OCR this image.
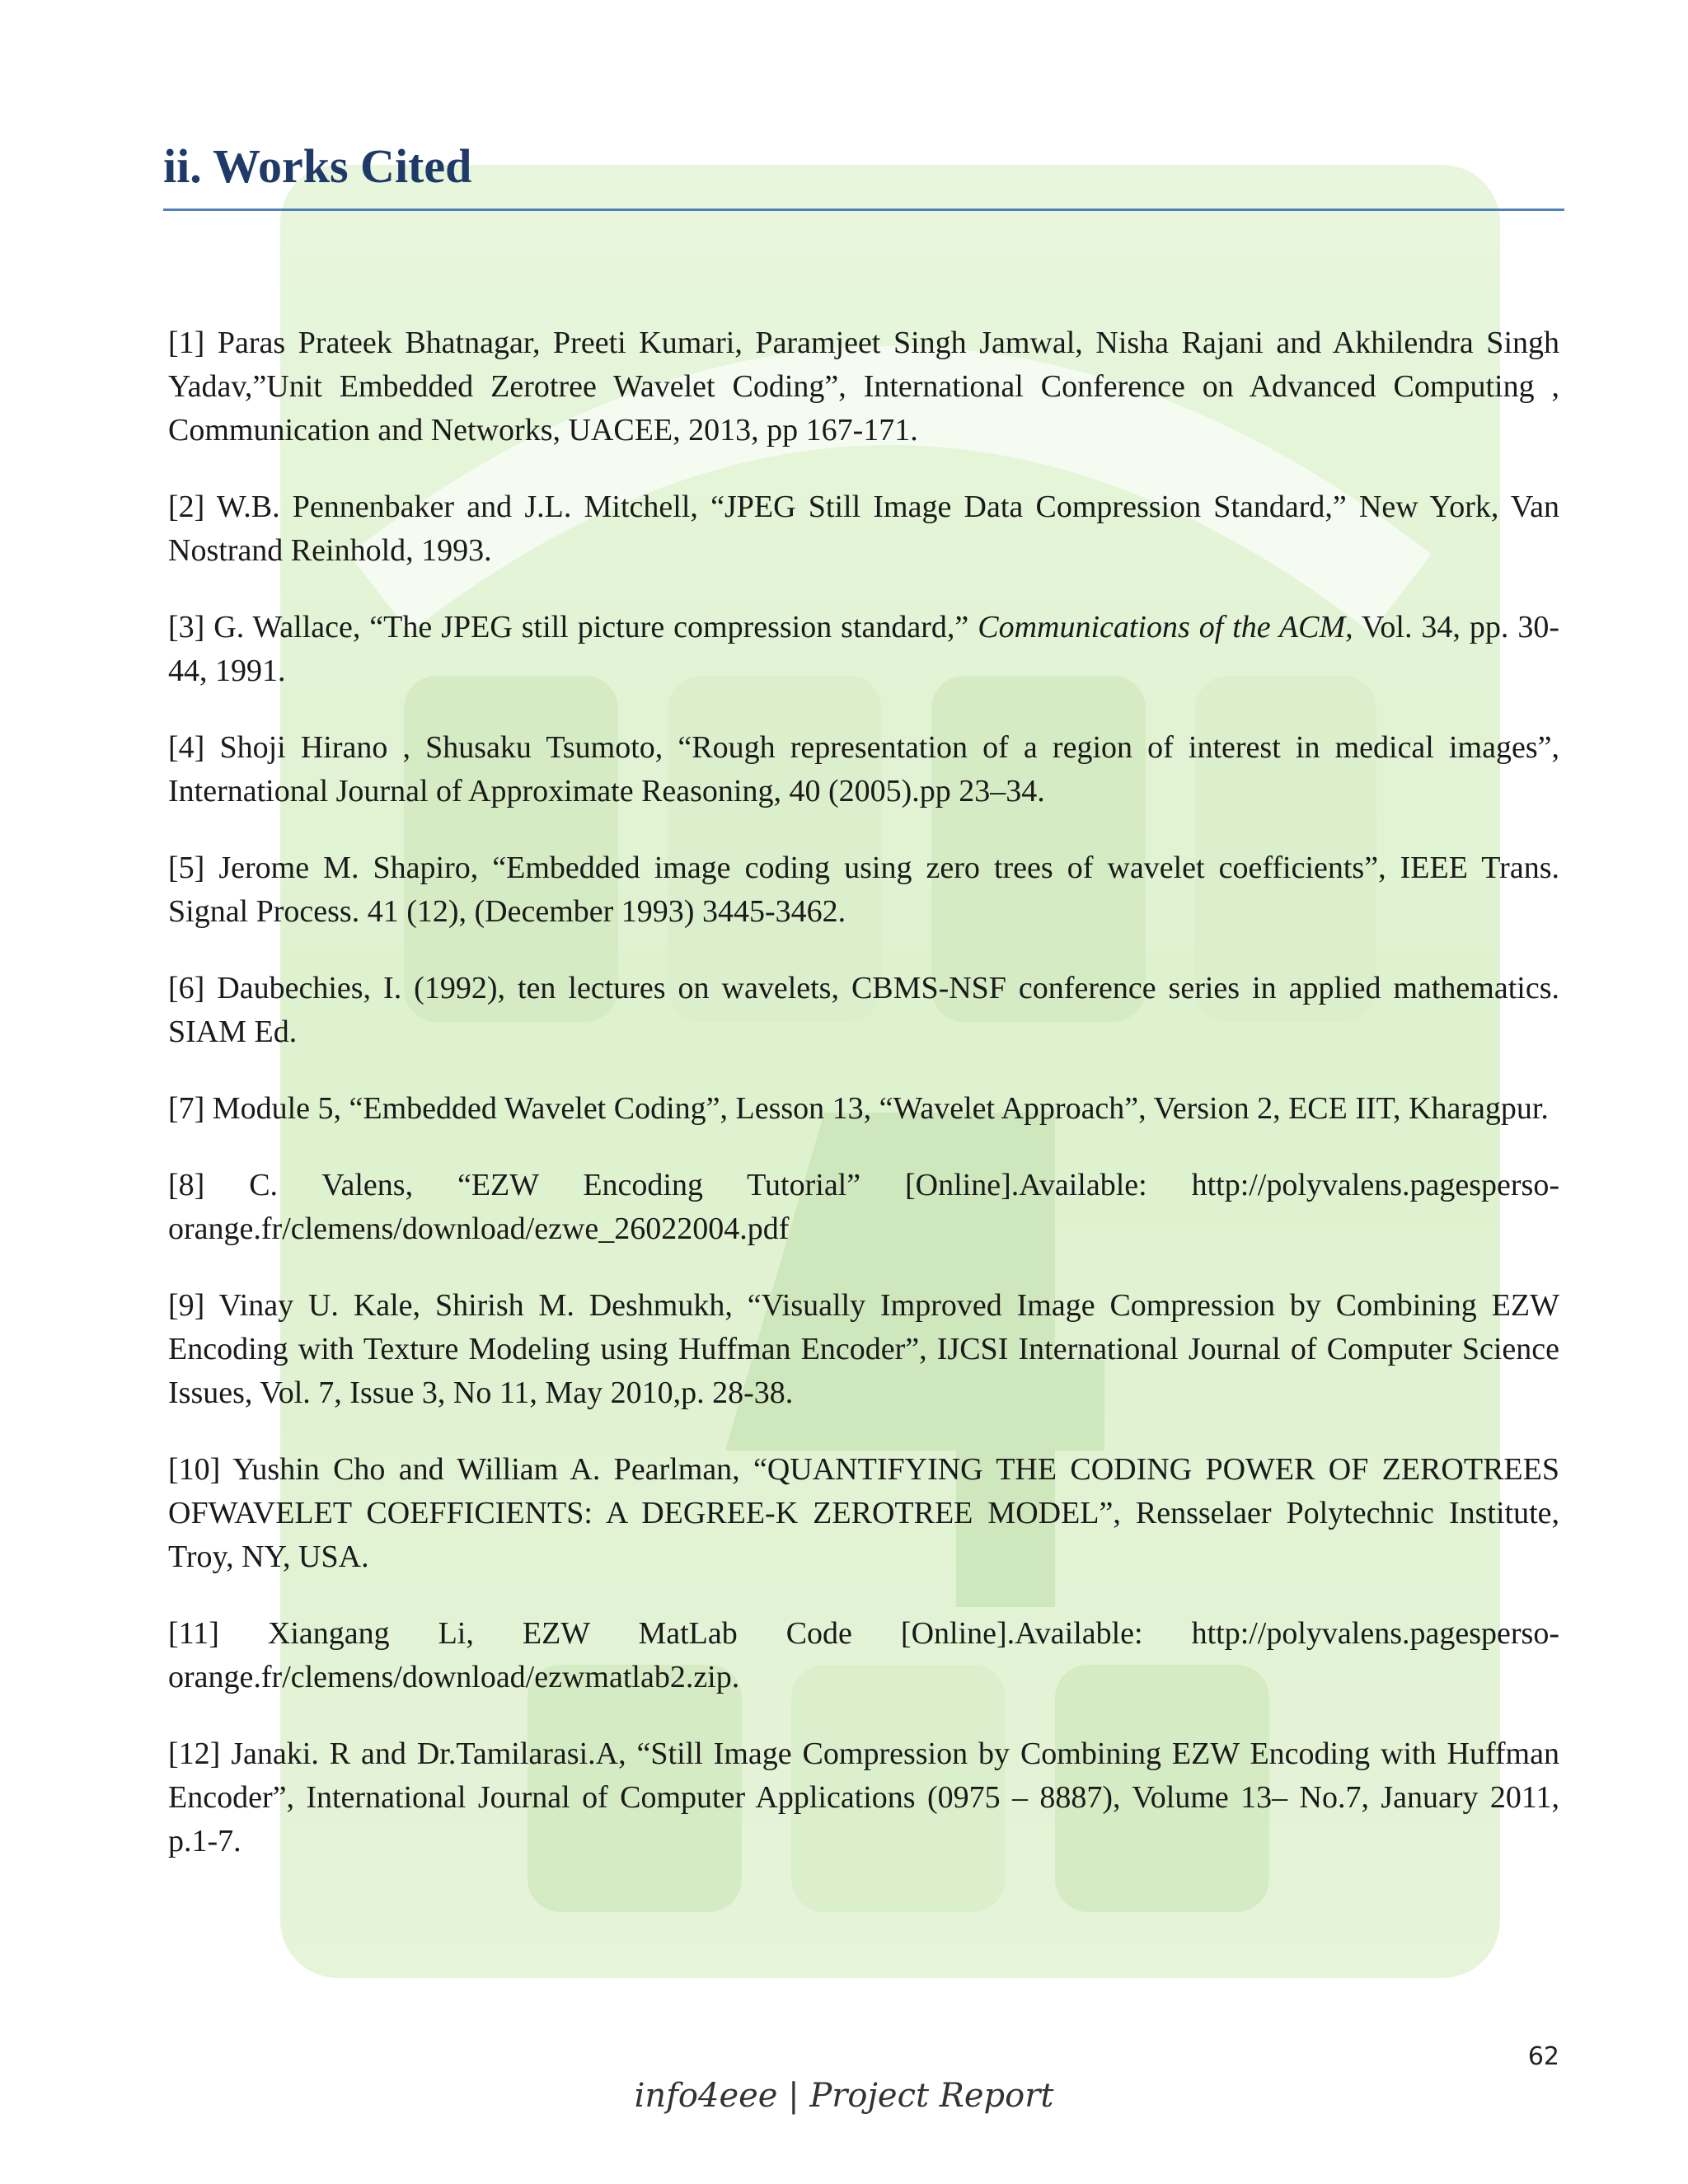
ii. Works Cited

[1] Paras Prateek Bhatnagar, Preeti Kumari, Paramjeet Singh Jamwal, Nisha Rajani and Akhilendra Singh Yadav,”Unit Embedded Zerotree Wavelet Coding”, International Conference on Advanced Computing , Communication and Networks, UACEE, 2013, pp 167-171.

[2] W.B. Pennenbaker and J.L. Mitchell, “JPEG Still Image Data Compression Standard,” New York, Van Nostrand Reinhold, 1993.

[3] G. Wallace, “The JPEG still picture compression standard,” Communications of the ACM, Vol. 34, pp. 30-44, 1991.

[4] Shoji Hirano , Shusaku Tsumoto, “Rough representation of a region of interest in medical images”, International Journal of Approximate Reasoning, 40 (2005).pp 23–34.

[5] Jerome M. Shapiro, “Embedded image coding using zero trees of wavelet coefficients”, IEEE Trans. Signal Process. 41 (12), (December 1993) 3445-3462.

[6] Daubechies, I. (1992), ten lectures on wavelets, CBMS-NSF conference series in applied mathematics. SIAM Ed.

[7] Module 5, “Embedded Wavelet Coding”, Lesson 13, “Wavelet Approach”, Version 2, ECE IIT, Kharagpur.

[8] C. Valens, “EZW Encoding Tutorial” [Online].Available: http://polyvalens.pagesperso-orange.fr/clemens/download/ezwe_26022004.pdf

[9] Vinay U. Kale, Shirish M. Deshmukh, “Visually Improved Image Compression by Combining EZW Encoding with Texture Modeling using Huffman Encoder”, IJCSI International Journal of Computer Science Issues, Vol. 7, Issue 3, No 11, May 2010,p. 28-38.

[10] Yushin Cho and William A. Pearlman, “QUANTIFYING THE CODING POWER OF ZEROTREES OFWAVELET COEFFICIENTS: A DEGREE-K ZEROTREE MODEL”, Rensselaer Polytechnic Institute, Troy, NY, USA.

[11] Xiangang Li, EZW MatLab Code [Online].Available: http://polyvalens.pagesperso-orange.fr/clemens/download/ezwmatlab2.zip.

[12] Janaki. R and Dr.Tamilarasi.A, “Still Image Compression by Combining EZW Encoding with Huffman Encoder”, International Journal of Computer Applications (0975 – 8887), Volume 13– No.7, January 2011, p.1-7.

62
info4eee | Project Report
